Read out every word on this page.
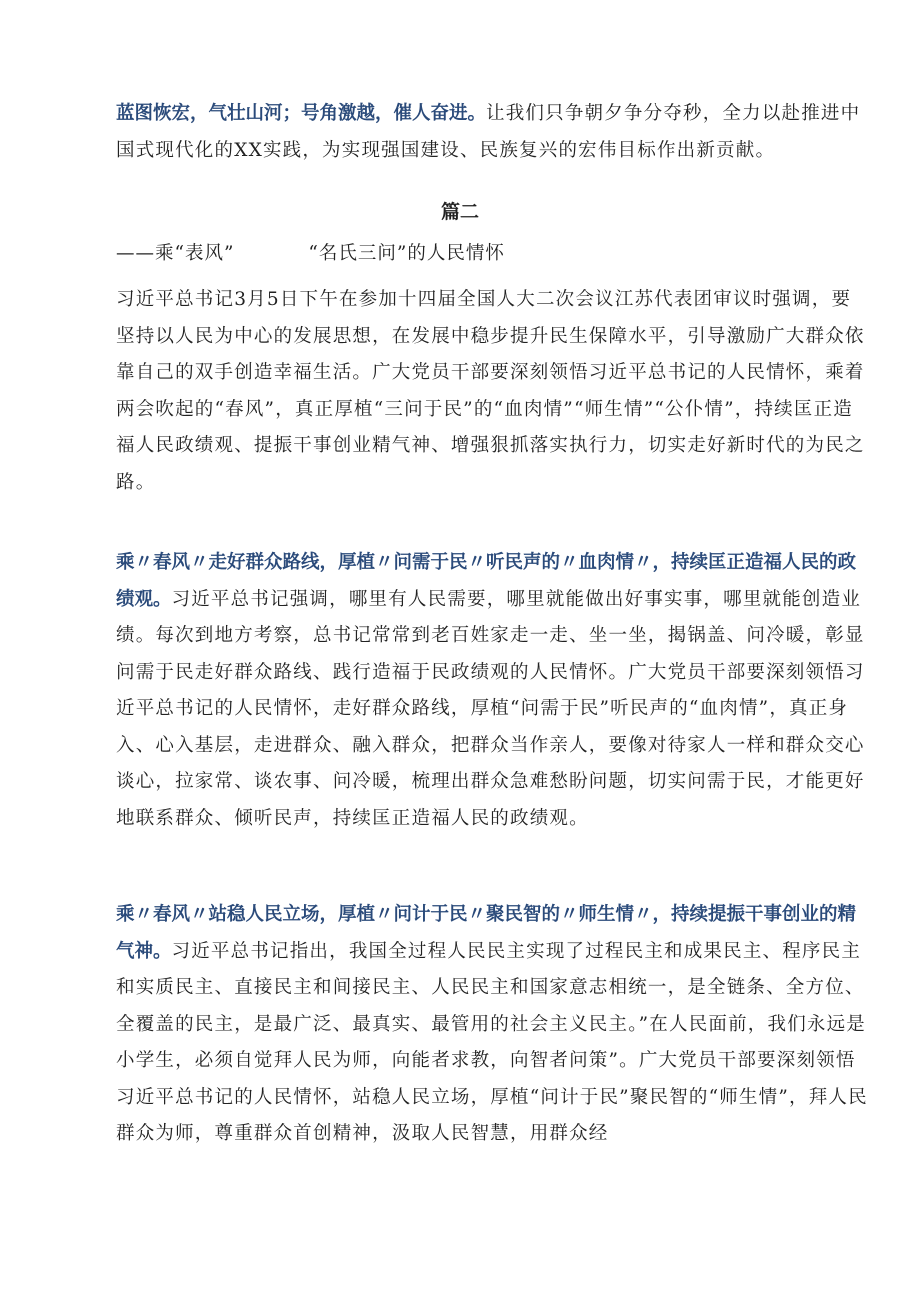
蓝图恢宏，气壮山河；号角激越，催人奋进。让我们只争朝夕争分夺秒，全力以赴推进中国式现代化的XX实践，为实现强国建设、民族复兴的宏伟目标作出新贡献。

篇二
——乘“表风”	“名氏三问”的人民情怀

习近平总书记3月5日下午在参加十四届全国人大二次会议江苏代表团审议时强调，要坚持以人民为中心的发展思想，在发展中稳步提升民生保障水平，引导激励广大群众依靠自己的双手创造幸福生活。广大党员干部要深刻领悟习近平总书记的人民情怀，乘着两会吹起的“春风”，真正厚植“三问于民”的“血肉情”“师生情”“公仆情”，持续匡正造福人民政绩观、提振干事创业精气神、增强狠抓落实执行力，切实走好新时代的为民之路。

乘〃春风〃走好群众路线，厚植〃问需于民〃听民声的〃血肉情〃，持续匡正造福人民的政绩观。习近平总书记强调，哪里有人民需要，哪里就能做出好事实事，哪里就能创造业绩。每次到地方考察，总书记常常到老百姓家走一走、坐一坐，揭锅盖、问冷暖，彰显问需于民走好群众路线、践行造福于民政绩观的人民情怀。广大党员干部要深刻领悟习近平总书记的人民情怀，走好群众路线，厚植“问需于民”听民声的“血肉情”，真正身入、心入基层，走进群众、融入群众，把群众当作亲人，要像对待家人一样和群众交心谈心，拉家常、谈农事、问冷暖，梳理出群众急难愁盼问题，切实问需于民，才能更好地联系群众、倾听民声，持续匡正造福人民的政绩观。

乘〃春风〃站稳人民立场，厚植〃问计于民〃聚民智的〃师生情〃，持续提振干事创业的精气神。习近平总书记指出，我国全过程人民民主实现了过程民主和成果民主、程序民主和实质民主、直接民主和间接民主、人民民主和国家意志相统一，是全链条、全方位、全覆盖的民主，是最广泛、最真实、最管用的社会主义民主。”在人民面前，我们永远是小学生，必须自觉拜人民为师，向能者求教，向智者问策”。广大党员干部要深刻领悟习近平总书记的人民情怀，站稳人民立场，厚植“问计于民”聚民智的“师生情”，拜人民群众为师，尊重群众首创精神，汲取人民智慧，用群众经
